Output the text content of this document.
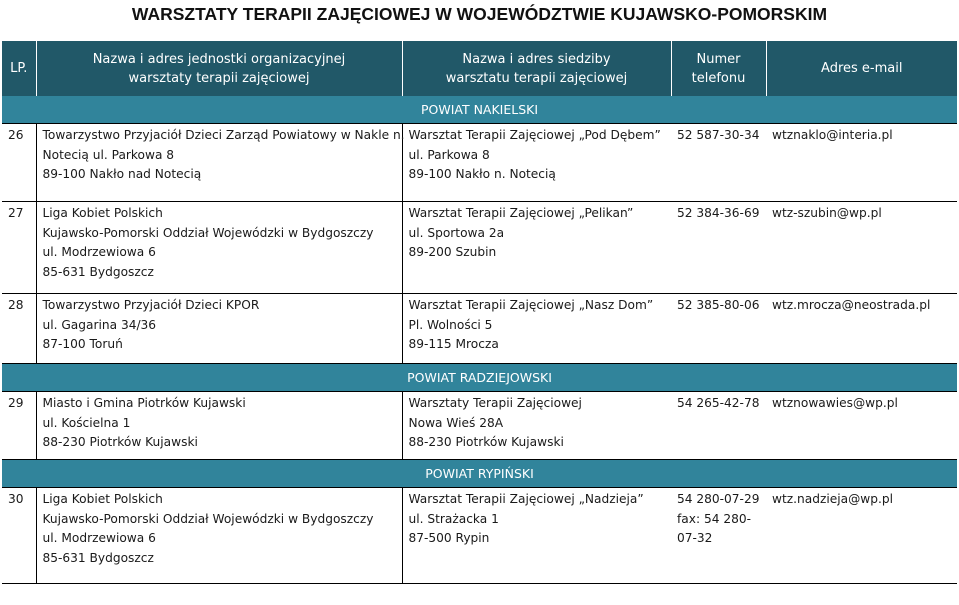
WARSZTATY TERAPII ZAJĘCIOWEJ W WOJEWÓDZTWIE KUJAWSKO-POMORSKIM
LP.	Nazwa i adres jednostki organizacyjnej
warsztaty terapii zajęciowej	Nazwa i adres siedziby
warsztatu terapii zajęciowej	Numer
telefonu	Adres e-mail
POWIAT NAKIELSKI				
26	Towarzystwo Przyjaciół Dzieci Zarząd Powiatowy w Nakle n.
Notecią ul. Parkowa 8
89-100 Nakło nad Notecią	Warsztat Terapii Zajęciowej „Pod Dębem”
ul. Parkowa 8
89-100 Nakło n. Notecią	52 587-30-34	wtznaklo@interia.pl
27	Liga Kobiet Polskich
Kujawsko-Pomorski Oddział Wojewódzki w Bydgoszczy
ul. Modrzewiowa 6
85-631 Bydgoszcz	Warsztat Terapii Zajęciowej „Pelikan”
ul. Sportowa 2a
89-200 Szubin	52 384-36-69	wtz-szubin@wp.pl
28	Towarzystwo Przyjaciół Dzieci KPOR
ul. Gagarina 34/36
87-100 Toruń	Warsztat Terapii Zajęciowej „Nasz Dom”
Pl. Wolności 5
89-115 Mrocza	52 385-80-06	wtz.mrocza@neostrada.pl
POWIAT RADZIEJOWSKI				
29	Miasto i Gmina Piotrków Kujawski
ul. Kościelna 1
88-230 Piotrków Kujawski	Warsztaty Terapii Zajęciowej
Nowa Wieś 28A
88-230 Piotrków Kujawski	54 265-42-78	wtznowawies@wp.pl
POWIAT RYPIŃSKI				
30	Liga Kobiet Polskich
Kujawsko-Pomorski Oddział Wojewódzki w Bydgoszczy
ul. Modrzewiowa 6
85-631 Bydgoszcz	Warsztat Terapii Zajęciowej „Nadzieja”
ul. Strażacka 1
87-500 Rypin	54 280-07-29
fax: 54 280-
07-32	wtz.nadzieja@wp.pl
